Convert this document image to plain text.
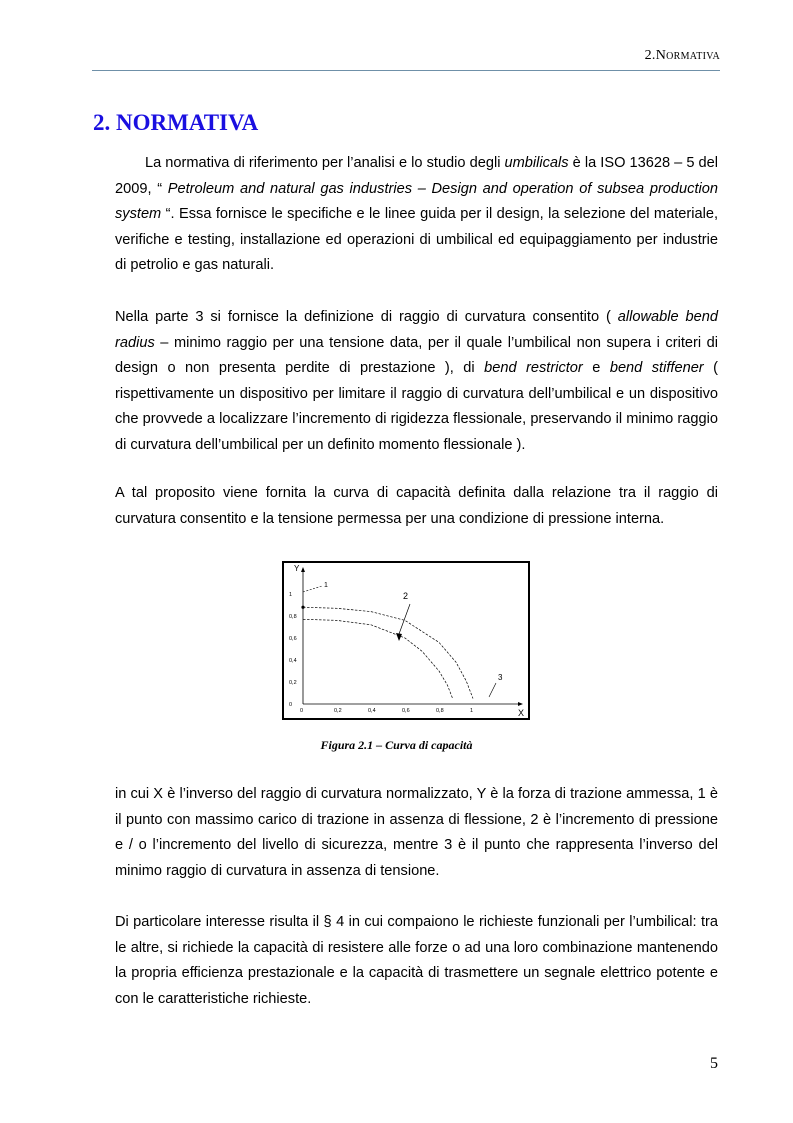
2.Normativa
2. NORMATIVA

La normativa di riferimento per l’analisi e lo studio degli umbilicals è la ISO 13628 – 5 del 2009, “ Petroleum and natural gas industries – Design and operation of subsea production system “. Essa fornisce le specifiche e le linee guida per il design, la selezione del materiale, verifiche e testing, installazione ed operazioni di umbilical ed equipaggiamento per industrie di petrolio e gas naturali.

Nella parte 3 si fornisce la definizione di raggio di curvatura consentito ( allowable bend radius – minimo raggio per una tensione data, per il quale l’umbilical non supera i criteri di design o non presenta perdite di prestazione ), di bend restrictor e bend stiffener ( rispettivamente un dispositivo per limitare il raggio di curvatura dell’umbilical e un dispositivo che provvede a localizzare l’incremento di rigidezza flessionale, preservando il minimo raggio di curvatura dell’umbilical per un definito momento flessionale ).

A tal proposito viene fornita la curva di capacità definita dalla relazione tra il raggio di curvatura consentito e la tensione permessa per una condizione di pressione interna.

X
Y
0	0,2	0,4	0,6	0,8	1
0
0,2
0,4
0,6
0,8
1
1
2
3
Figura 2.1 – Curva di capacità

in cui X è l’inverso del raggio di curvatura normalizzato, Y è la forza di trazione ammessa, 1 è il punto con massimo carico di trazione in assenza di flessione, 2 è l’incremento di pressione e / o l’incremento del livello di sicurezza, mentre 3 è il punto che rappresenta l’inverso del minimo raggio di curvatura in assenza di tensione.

Di particolare interesse risulta il § 4 in cui compaiono le richieste funzionali per l’umbilical: tra le altre, si richiede la capacità di resistere alle forze o ad una loro combinazione mantenendo la propria efficienza prestazionale e la capacità di trasmettere un segnale elettrico potente e con le caratteristiche richieste.

5
